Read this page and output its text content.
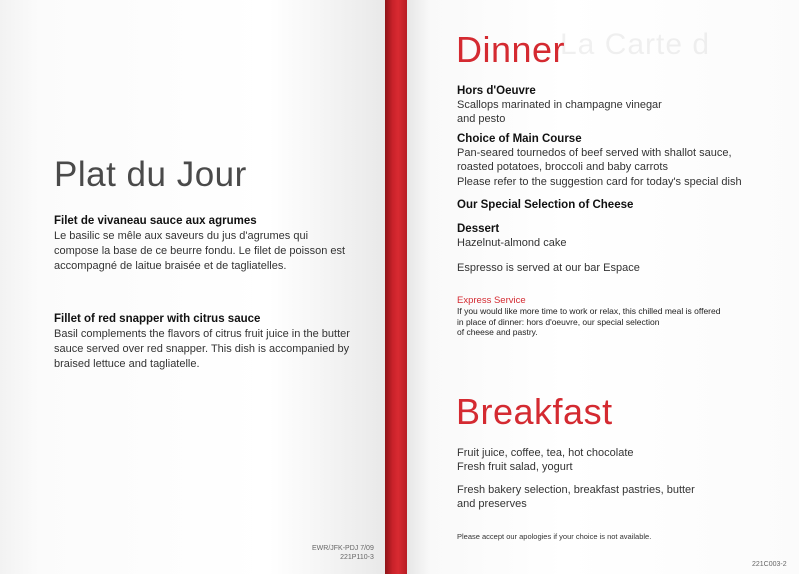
La Carte d
Plat du Jour
Filet de vivaneau sauce aux agrumes
Le basilic se mêle aux saveurs du jus d'agrumes qui compose la base de ce beurre fondu. Le filet de poisson est accompagné de laitue braisée et de tagliatelles.
Fillet of red snapper with citrus sauce
Basil complements the flavors of citrus fruit juice in the butter sauce served over red snapper. This dish is accompanied by braised lettuce and tagliatelle.
EWR/JFK-PDJ 7/09
221P110-3
Dinner
Hors d'Oeuvre
Scallops marinated in champagne vinegar
and pesto
Choice of Main Course
Pan-seared tournedos of beef served with shallot sauce,
roasted potatoes, broccoli and baby carrots
Please refer to the suggestion card for today's special dish
Our Special Selection of Cheese
Dessert
Hazelnut-almond cake
Espresso is served at our bar Espace
Express Service
If you would like more time to work or relax, this chilled meal is offered
in place of dinner: hors d'oeuvre, our special selection
of cheese and pastry.
Breakfast
Fruit juice, coffee, tea, hot chocolate
Fresh fruit salad, yogurt
Fresh bakery selection, breakfast pastries, butter
and preserves
Please accept our apologies if your choice is not available.
221C003-2
